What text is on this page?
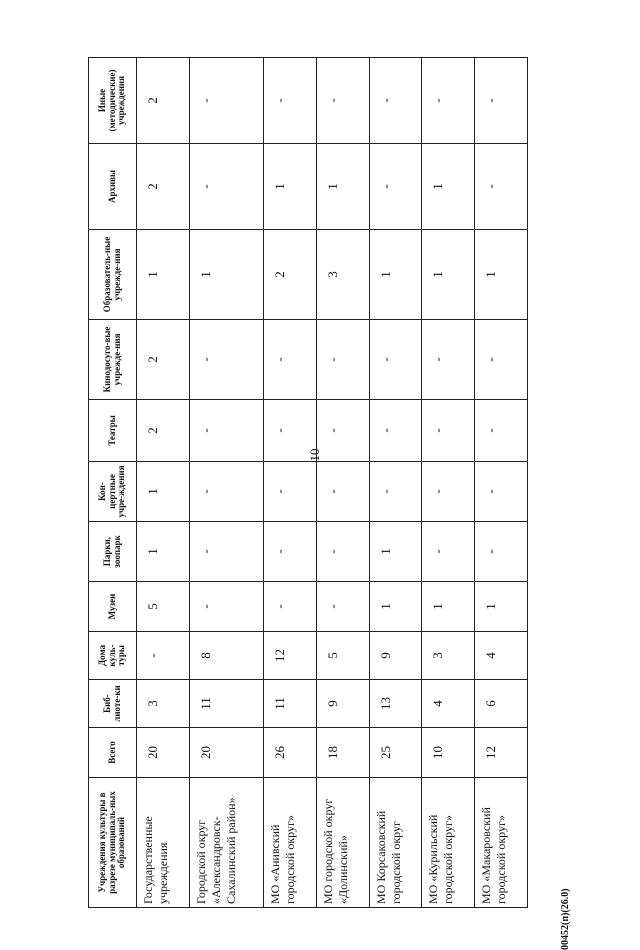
10
Учреждения культуры в разрезе муниципаль-ных образований	Всего	Биб-лиоте-ки	Дома куль-туры	Музеи	Парки, зоопарк	Кон-цертные учре-ждения	Театры	Кинодосуго-вые учрежде-ния	Образователь-ные учрежде-ния	Архивы	Иные (методические) учреждения
Государственные учреждения	20	3	-	5	1	1	2	2	1	2	2
Городской округ «Александровск-Сахалинский район»	20	11	8	-	-	-	-	-	1	-	-
МО «Анивский городской округ»	26	11	12	-	-	-	-	-	2	1	-
МО городской округ «Долинский»	18	9	5	-	-	-	-	-	3	1	-
МО Корсаковский городской округ	25	13	9	1	1	-	-	-	1	-	-
МО «Курильский городской округ»	10	4	3	1	-	-	-	-	1	1	-
МО «Макаровский городской округ»	12	6	4	1	-	-	-	-	1	-	-
00452(п)(26.0)
